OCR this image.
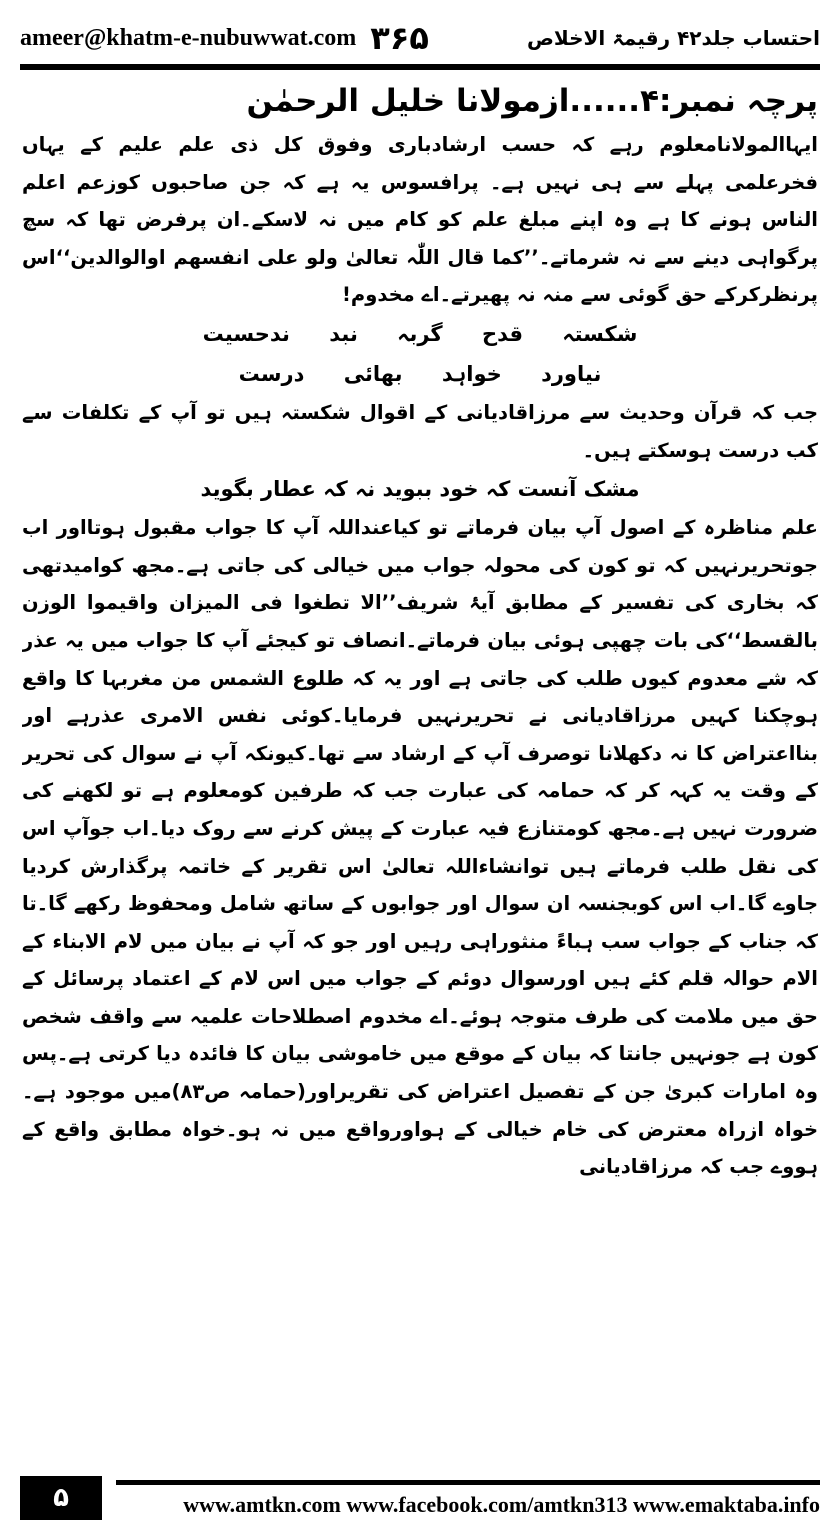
ameer@khatm-e-nubuwwat.com ۳۶۵	احتساب جلد۴۲ رقیمۃ الاخلاص
پرچہ نمبر:۴......ازمولانا خلیل الرحمٰن

ایہاالمولانامعلوم رہے کہ حسب ارشادباری وفوق کل ذی علم علیم کے یہاں فخرعلمی پہلے سے ہی نہیں ہے۔ پرافسوس یہ ہے کہ جن صاحبوں کوزعم اعلم الناس ہونے کا ہے وہ اپنے مبلغ علم کو کام میں نہ لاسکے۔ان پرفرض تھا کہ سچ پرگواہی دینے سے نہ شرماتے۔’’کما قال اللّٰہ تعالیٰ ولو علی انفسھم اوالوالدین‘‘اس پرنظرکرکے حق گوئی سے منہ نہ پھیرتے۔اے مخدوم!

شکستہ قدح گربہ نبد ندحسیت

نیاورد خواہد بھائی درست

جب کہ قرآن وحدیث سے مرزاقادیانی کے اقوال شکستہ ہیں تو آپ کے تکلفات سے کب درست ہوسکتے ہیں۔

مشک آنست کہ خود ببوید نہ کہ عطار بگوید

علم مناظرہ کے اصول آپ بیان فرماتے تو کیاعنداللہ آپ کا جواب مقبول ہوتااور اب جوتحریرنہیں کہ تو کون کی محولہ جواب میں خیالی کی جاتی ہے۔مجھ کوامیدتھی کہ بخاری کی تفسیر کے مطابق آیۂ شریف’’الا تطغوا فی المیزان واقیموا الوزن بالقسط‘‘کی بات چھپی ہوئی بیان فرماتے۔انصاف تو کیجئے آپ کا جواب میں یہ عذر کہ شے معدوم کیوں طلب کی جاتی ہے اور یہ کہ طلوع الشمس من مغربہا کا واقع ہوچکنا کہیں مرزاقادیانی نے تحریرنہیں فرمایا۔کوئی نفس الامری عذرہے اور بنااعتراض کا نہ دکھلانا توصرف آپ کے ارشاد سے تھا۔کیونکہ آپ نے سوال کی تحریر کے وقت یہ کہہ کر کہ حمامہ کی عبارت جب کہ طرفین کومعلوم ہے تو لکھنے کی ضرورت نہیں ہے۔مجھ کومتنازع فیہ عبارت کے پیش کرنے سے روک دیا۔اب جوآپ اس کی نقل طلب فرماتے ہیں توانشاءاللہ تعالیٰ اس تقریر کے خاتمہ پرگذارش کردیا جاوے گا۔اب اس کوبجنسہ ان سوال اور جوابوں کے ساتھ شامل ومحفوظ رکھے گا۔تا کہ جناب کے جواب سب ہباءً منثوراہی رہیں اور جو کہ آپ نے بیان میں لام الابناء کے الام حوالہ قلم کئے ہیں اورسوال دوئم کے جواب میں اس لام کے اعتماد پرسائل کے حق میں ملامت کی طرف متوجہ ہوئے۔اے مخدوم اصطلاحات علمیہ سے واقف شخص کون ہے جونہیں جانتا کہ بیان کے موقع میں خاموشی بیان کا فائدہ دیا کرتی ہے۔پس وہ امارات کبریٰ جن کے تفصیل اعتراض کی تقریراور(حمامہ ص۸۳)میں موجود ہے۔خواہ ازراہ معترض کی خام خیالی کے ہواورواقع میں نہ ہو۔خواہ مطابق واقع کے ہووے جب کہ مرزاقادیانی

۵	www.amtkn.com www.facebook.com/amtkn313 www.emaktaba.info
